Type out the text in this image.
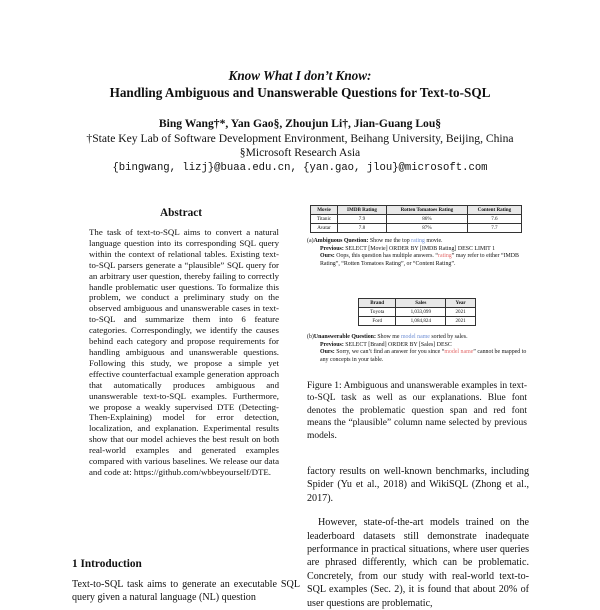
Know What I don’t Know:
Handling Ambiguous and Unanswerable Questions for Text-to-SQL
Bing Wang†*, Yan Gao§, Zhoujun Li†, Jian-Guang Lou§
†State Key Lab of Software Development Environment, Beihang University, Beijing, China
§Microsoft Research Asia
{bingwang, lizj}@buaa.edu.cn, {yan.gao, jlou}@microsoft.com
Abstract
The task of text-to-SQL aims to convert a natural language question into its corresponding SQL query within the context of relational tables. Existing text-to-SQL parsers generate a “plausible” SQL query for an arbitrary user question, thereby failing to correctly handle problematic user questions. To formalize this problem, we conduct a preliminary study on the observed ambiguous and unanswerable cases in text-to-SQL and summarize them into 6 feature categories. Correspondingly, we identify the causes behind each category and propose requirements for handling ambiguous and unanswerable questions. Following this study, we propose a simple yet effective counterfactual example generation approach that automatically produces ambiguous and unanswerable text-to-SQL examples. Furthermore, we propose a weakly supervised DTE (Detecting-Then-Explaining) model for error detection, localization, and explanation. Experimental results show that our model achieves the best result on both real-world examples and generated examples compared with various baselines. We release our data and code at: https://github.com/wbbeyourself/DTE.
1 Introduction
Text-to-SQL task aims to generate an executable SQL query given a natural language (NL) question
Movie	IMDB Rating	Rotten Tomatoes Rating	Content Rating
Titanic	7.9	86%	7.6
Avatar	7.8	87%	7.7
(a)Ambiguous Question: Show me the top rating movie.
Previous: SELECT [Movie] ORDER BY [IMDB Rating] DESC LIMIT 1
Ours: Oops, this question has multiple answers. “rating” may refer to either “IMDB Rating”, “Rotten Tomatoes Rating”, or “Content Rating”.
Brand	Sales	Year
Toyota	1,033,099	2021
Ford	1,084,824	2021
(b)Unanswerable Question: Show me model name sorted by sales.
Previous: SELECT [Brand] ORDER BY [Sales] DESC
Ours: Sorry, we can’t find an answer for you since “model name” cannot be mapped to any concepts in your table.
Figure 1: Ambiguous and unanswerable examples in text-to-SQL task as well as our explanations. Blue font denotes the problematic question span and red font means the “plausible” column name selected by previous models.

factory results on well-known benchmarks, including Spider (Yu et al., 2018) and WikiSQL (Zhong et al., 2017).

However, state-of-the-art models trained on the leaderboard datasets still demonstrate inadequate performance in practical situations, where user queries are phrased differently, which can be problematic. Concretely, from our study with real-world text-to-SQL examples (Sec. 2), it is found that about 20% of user questions are problematic,
